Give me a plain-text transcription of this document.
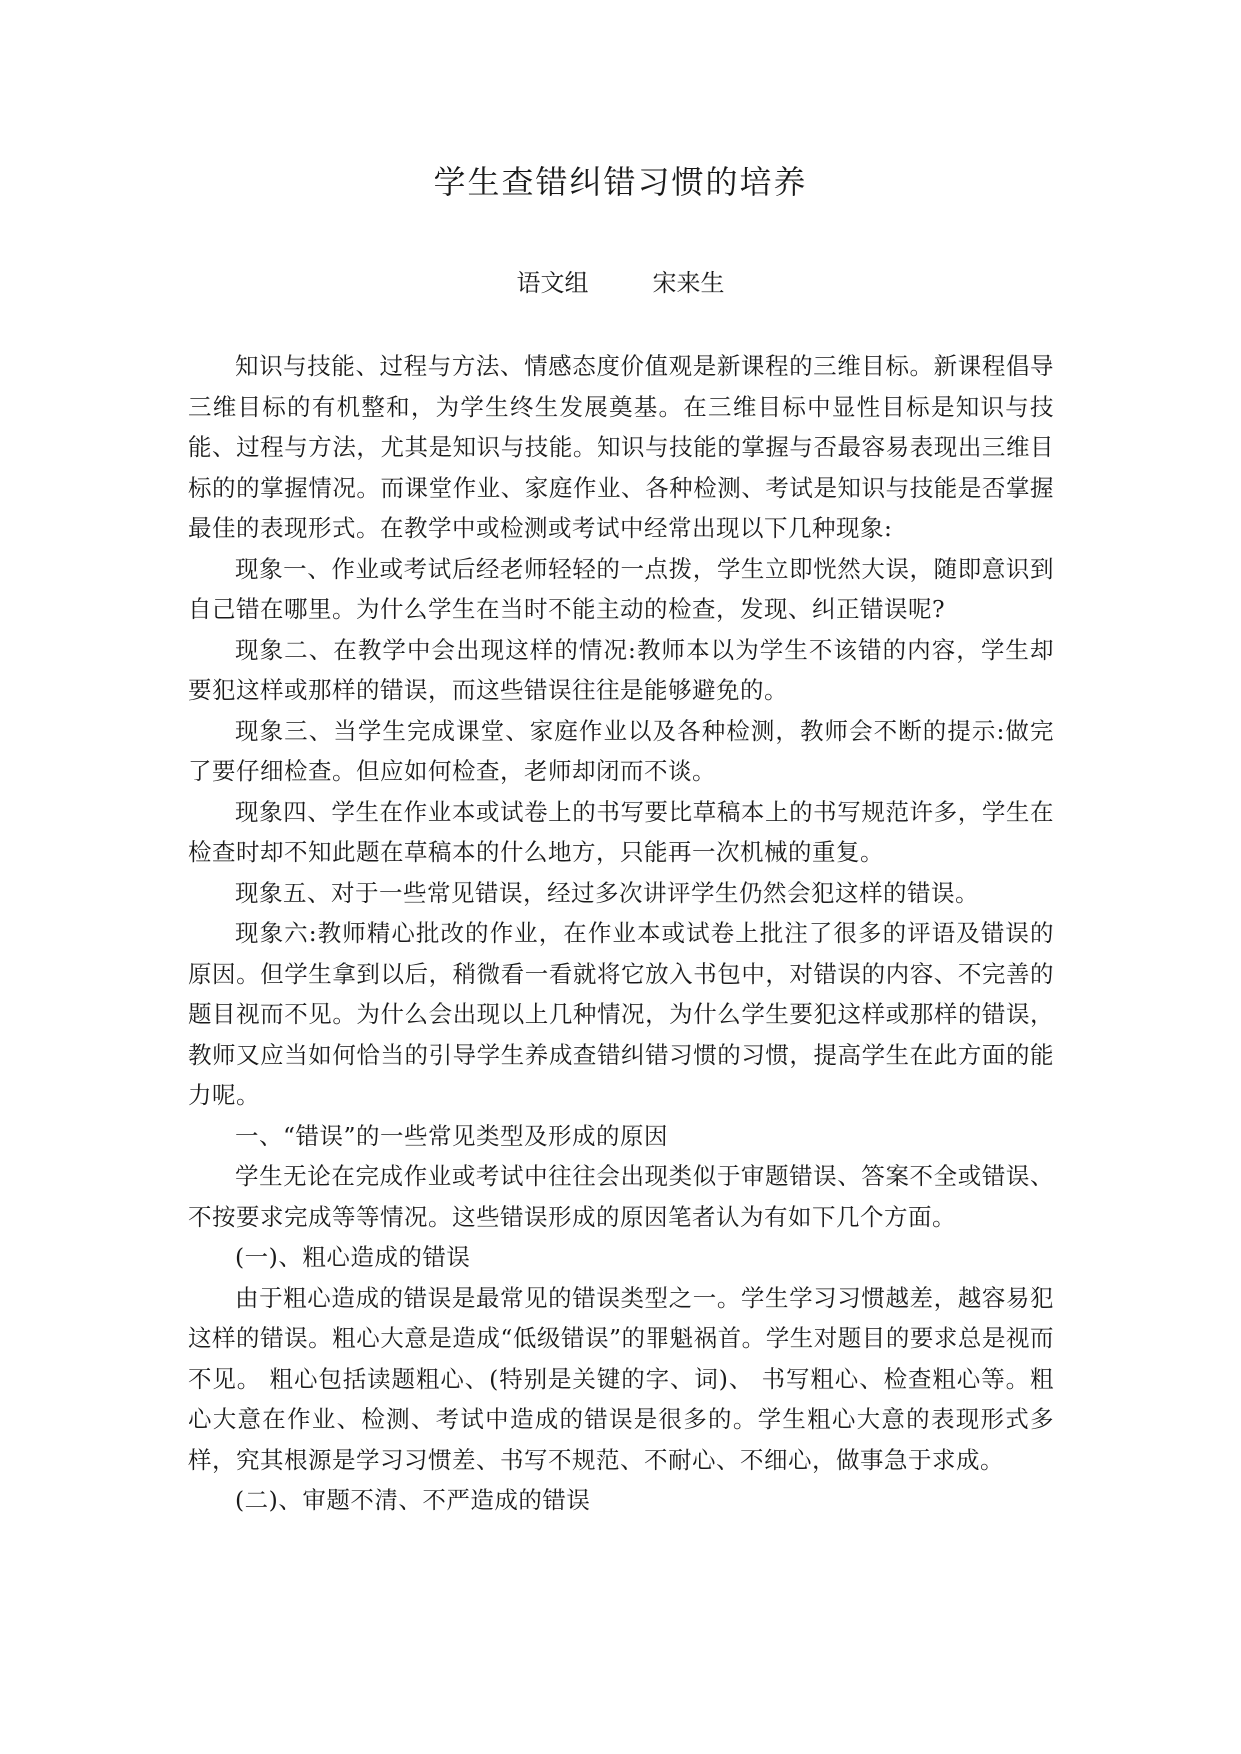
学生查错纠错习惯的培养
语文组	宋来生

知识与技能、过程与方法、情感态度价值观是新课程的三维目标。新课程倡导三维目标的有机整和，为学生终生发展奠基。在三维目标中显性目标是知识与技能、过程与方法，尤其是知识与技能。知识与技能的掌握与否最容易表现出三维目标的的掌握情况。而课堂作业、家庭作业、各种检测、考试是知识与技能是否掌握最佳的表现形式。在教学中或检测或考试中经常出现以下几种现象:

现象一、作业或考试后经老师轻轻的一点拨，学生立即恍然大误，随即意识到自己错在哪里。为什么学生在当时不能主动的检查，发现、纠正错误呢?

现象二、在教学中会出现这样的情况:教师本以为学生不该错的内容，学生却要犯这样或那样的错误，而这些错误往往是能够避免的。

现象三、当学生完成课堂、家庭作业以及各种检测，教师会不断的提示:做完了要仔细检查。但应如何检查，老师却闭而不谈。

现象四、学生在作业本或试卷上的书写要比草稿本上的书写规范许多，学生在检查时却不知此题在草稿本的什么地方，只能再一次机械的重复。

现象五、对于一些常见错误，经过多次讲评学生仍然会犯这样的错误。

现象六:教师精心批改的作业，在作业本或试卷上批注了很多的评语及错误的原因。但学生拿到以后，稍微看一看就将它放入书包中，对错误的内容、不完善的题目视而不见。为什么会出现以上几种情况，为什么学生要犯这样或那样的错误，教师又应当如何恰当的引导学生养成查错纠错习惯的习惯，提高学生在此方面的能力呢。

一、“错误”的一些常见类型及形成的原因

学生无论在完成作业或考试中往往会出现类似于审题错误、答案不全或错误、不按要求完成等等情况。这些错误形成的原因笔者认为有如下几个方面。

(一)、粗心造成的错误

由于粗心造成的错误是最常见的错误类型之一。学生学习习惯越差，越容易犯这样的错误。粗心大意是造成“低级错误”的罪魁祸首。学生对题目的要求总是视而不见。 粗心包括读题粗心、(特别是关键的字、词)、 书写粗心、检查粗心等。粗心大意在作业、检测、考试中造成的错误是很多的。学生粗心大意的表现形式多样，究其根源是学习习惯差、书写不规范、不耐心、不细心，做事急于求成。

(二)、审题不清、不严造成的错误
